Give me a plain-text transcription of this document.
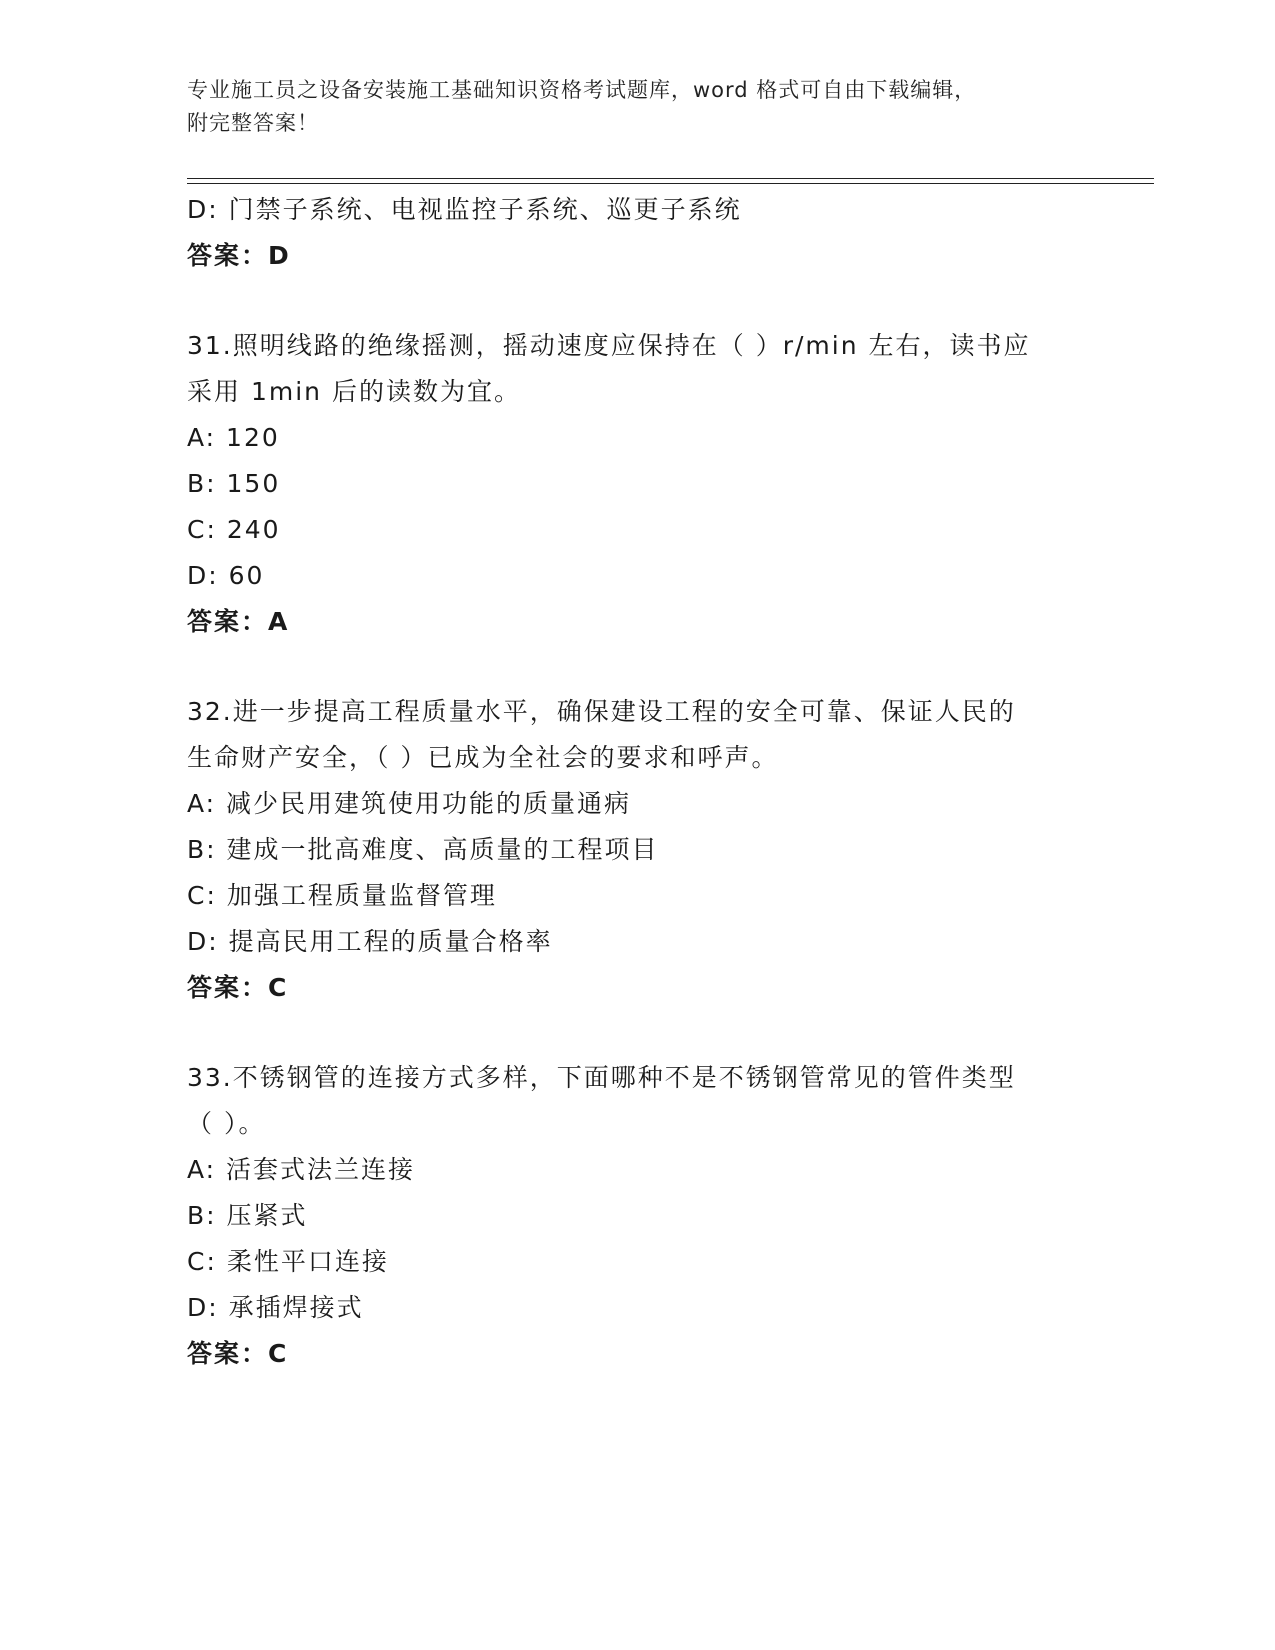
专业施工员之设备安装施工基础知识资格考试题库，word 格式可自由下载编辑，
附完整答案！
D: 门禁子系统、电视监控子系统、巡更子系统
答案：D
31.照明线路的绝缘摇测，摇动速度应保持在（ ）r/min 左右，读书应
采用 1min 后的读数为宜。
A: 120
B: 150
C: 240
D: 60
答案：A
32.进一步提高工程质量水平，确保建设工程的安全可靠、保证人民的
生命财产安全，（ ）已成为全社会的要求和呼声。
A: 减少民用建筑使用功能的质量通病
B: 建成一批高难度、高质量的工程项目
C: 加强工程质量监督管理
D: 提高民用工程的质量合格率
答案：C
33.不锈钢管的连接方式多样，下面哪种不是不锈钢管常见的管件类型
（ ）。
A: 活套式法兰连接
B: 压紧式
C: 柔性平口连接
D: 承插焊接式
答案：C
